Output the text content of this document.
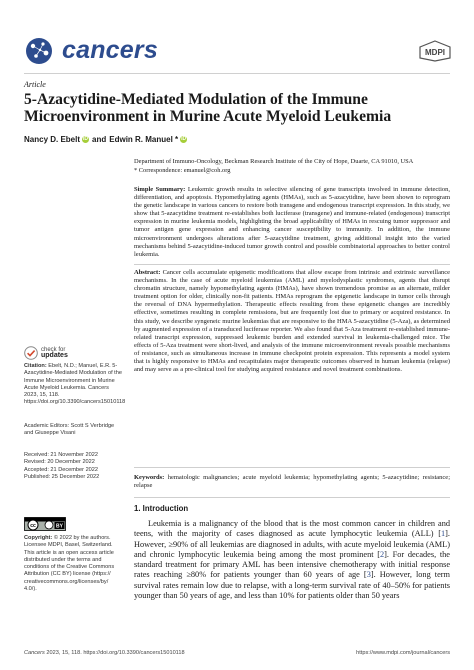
cancers	MDPI
Article
5-Azacytidine-Mediated Modulation of the Immune Microenvironment in Murine Acute Myeloid Leukemia
Nancy D. Ebelt iD and Edwin R. Manuel * iD
Department of Immuno-Oncology, Beckman Research Institute of the City of Hope, Duarte, CA 91010, USA
* Correspondence: emanuel@coh.org

Simple Summary: Leukemic growth results in selective silencing of gene transcripts involved in immune detection, differentiation, and apoptosis. Hypomethylating agents (HMAs), such as 5-azacytidine, have been shown to reprogram the genetic landscape in various cancers to restore both transgene and endogenous transcript expression. In this study, we show that 5-azacytidine treatment re-establishes both luciferase (transgene) and immune-related (endogenous) transcript expression in murine leukemia models, highlighting the broad applicability of HMAs in rescuing tumor suppressor and tumor antigen gene expression and enhancing cancer susceptibility to immunity. In addition, the immune microenvironment undergoes alterations after 5-azacytidine treatment, giving additional insight into the varied mechanisms behind 5-azacytidine-induced tumor growth control and possible combinatorial approaches to better control leukemia.

Abstract: Cancer cells accumulate epigenetic modifications that allow escape from intrinsic and extrinsic surveillance mechanisms. In the case of acute myeloid leukemias (AML) and myelodysplastic syndromes, agents that disrupt chromatin structure, namely hypomethylating agents (HMAs), have shown tremendous promise as an alternate, milder treatment option for older, clinically non-fit patients. HMAs reprogram the epigenetic landscape in tumor cells through the reversal of DNA hypermethylation. Therapeutic effects resulting from these epigenetic changes are incredibly effective, sometimes resulting in complete remissions, but are frequently lost due to primary or acquired resistance. In this study, we describe syngeneic murine leukemias that are responsive to the HMA 5-azacytidine (5-Aza), as determined by augmented expression of a transduced luciferase reporter. We also found that 5-Aza treatment re-established immune-related transcript expression, suppressed leukemic burden and extended survival in leukemia-challenged mice. The effects of 5-Aza treatment were short-lived, and analysis of the immune microenvironment reveals possible mechanisms of resistance, such as simultaneous increase in immune checkpoint protein expression. This represents a model system that is highly responsive to HMAs and recapitulates major therapeutic outcomes observed in human leukemia (relapse) and may serve as a pre-clinical tool for studying acquired resistance and novel treatment combinations.

Keywords: hematologic malignancies; acute myeloid leukemia; hypomethylating agents; 5-azacytidine; resistance; relapse

check for
updates
Citation: Ebelt, N.D.; Manuel, E.R. 5-Azacytidine-Mediated Modulation of the Immune Microenvironment in Murine Acute Myeloid Leukemia. Cancers 2023, 15, 118. https://doi.org/10.3390/cancers15010118
Academic Editors: Scott S Verbridge and Giuseppe Visani
Received: 21 November 2022
Revised: 20 December 2022
Accepted: 21 December 2022
Published: 25 December 2022
cc	BY
Copyright: © 2022 by the authors. Licensee MDPI, Basel, Switzerland. This article is an open access article distributed under the terms and conditions of the Creative Commons Attribution (CC BY) license (https:// creativecommons.org/licenses/by/ 4.0/).
1. Introduction

Leukemia is a malignancy of the blood that is the most common cancer in children and teens, with the majority of cases diagnosed as acute lymphocytic leukemia (ALL) [1]. However, ≥90% of all leukemias are diagnosed in adults, with acute myeloid leukemia (AML) and chronic lymphocytic leukemia being among the most prominent [2]. For decades, the standard treatment for primary AML has been intensive chemotherapy with initial response rates reaching ≥80% for patients younger than 60 years of age [3]. However, long term survival rates remain low due to relapse, with a long-term survival rate of 40–50% for patients younger than 50 years of age, and less than 10% for patients older than 50 years

Cancers 2023, 15, 118. https://doi.org/10.3390/cancers15010118	https://www.mdpi.com/journal/cancers
